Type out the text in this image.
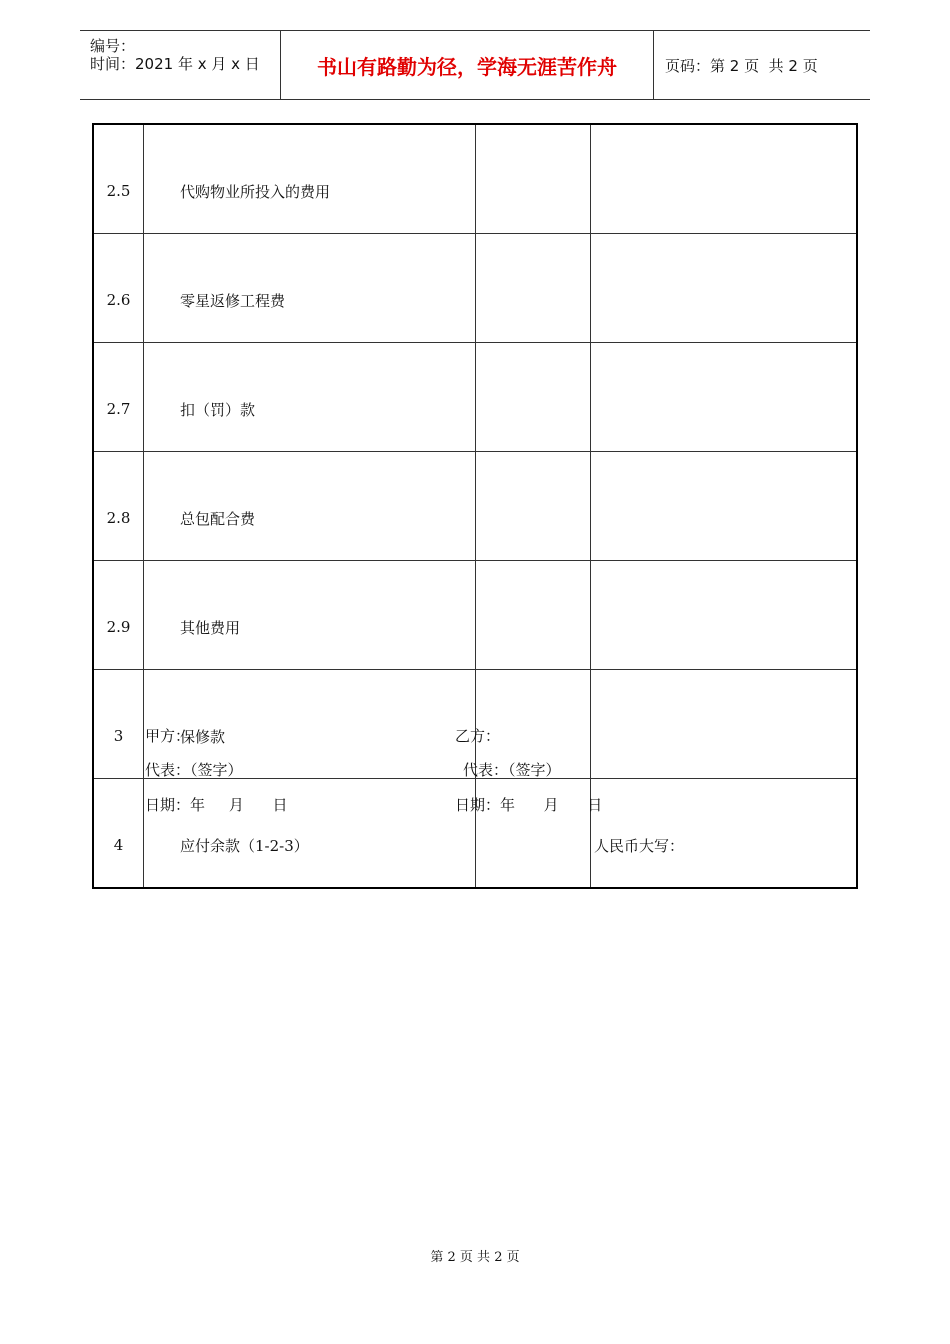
编号：
时间：2021 年 x 月 x 日	书山有路勤为径，学海无涯苦作舟	页码：第 2 页  共 2 页
2.5	代购物业所投入的费用		
2.6	零星返修工程费		
2.7	扣（罚）款		
2.8	总包配合费		
2.9	其他费用		
3	保修款		
4	应付余款（1-2-3）		人民币大写：
甲方：
代表：（签字）
日期：年     月      日
乙方：
代表：（签字）
日期：年      月      日
第 2 页 共 2 页
